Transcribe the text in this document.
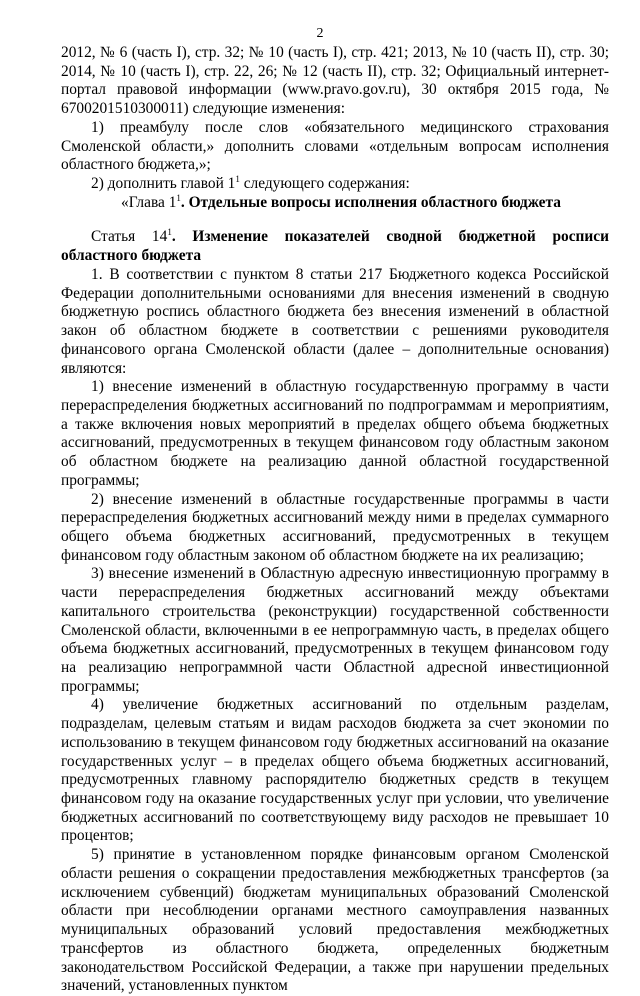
2

2012, № 6 (часть I), стр. 32; № 10 (часть I), стр. 421; 2013, № 10 (часть II), стр. 30; 2014, № 10 (часть I), стр. 22, 26; № 12 (часть II), стр. 32; Официальный интернет-портал правовой информации (www.pravo.gov.ru), 30 октября 2015 года, № 6700201510300011) следующие изменения:

1) преамбулу после слов «обязательного медицинского страхования Смоленской области,» дополнить словами «отдельным вопросам исполнения областного бюджета,»;

2) дополнить главой $1^1$ следующего содержания:

«Глава $1^1$. Отдельные вопросы исполнения областного бюджета

Статья $14^1$. Изменение показателей сводной бюджетной росписи областного бюджета

1. В соответствии с пунктом 8 статьи 217 Бюджетного кодекса Российской Федерации дополнительными основаниями для внесения изменений в сводную бюджетную роспись областного бюджета без внесения изменений в областной закон об областном бюджете в соответствии с решениями руководителя финансового органа Смоленской области (далее – дополнительные основания) являются:

1) внесение изменений в областную государственную программу в части перераспределения бюджетных ассигнований по подпрограммам и мероприятиям, а также включения новых мероприятий в пределах общего объема бюджетных ассигнований, предусмотренных в текущем финансовом году областным законом об областном бюджете на реализацию данной областной государственной программы;

2) внесение изменений в областные государственные программы в части перераспределения бюджетных ассигнований между ними в пределах суммарного общего объема бюджетных ассигнований, предусмотренных в текущем финансовом году областным законом об областном бюджете на их реализацию;

3) внесение изменений в Областную адресную инвестиционную программу в части перераспределения бюджетных ассигнований между объектами капитального строительства (реконструкции) государственной собственности Смоленской области, включенными в ее непрограммную часть, в пределах общего объема бюджетных ассигнований, предусмотренных в текущем финансовом году на реализацию непрограммной части Областной адресной инвестиционной программы;

4) увеличение бюджетных ассигнований по отдельным разделам, подразделам, целевым статьям и видам расходов бюджета за счет экономии по использованию в текущем финансовом году бюджетных ассигнований на оказание государственных услуг – в пределах общего объема бюджетных ассигнований, предусмотренных главному распорядителю бюджетных средств в текущем финансовом году на оказание государственных услуг при условии, что увеличение бюджетных ассигнований по соответствующему виду расходов не превышает 10 процентов;

5) принятие в установленном порядке финансовым органом Смоленской области решения о сокращении предоставления межбюджетных трансфертов (за исключением субвенций) бюджетам муниципальных образований Смоленской области при несоблюдении органами местного самоуправления названных муниципальных образований условий предоставления межбюджетных трансфертов из областного бюджета, определенных бюджетным законодательством Российской Федерации, а также при нарушении предельных значений, установленных пунктом
